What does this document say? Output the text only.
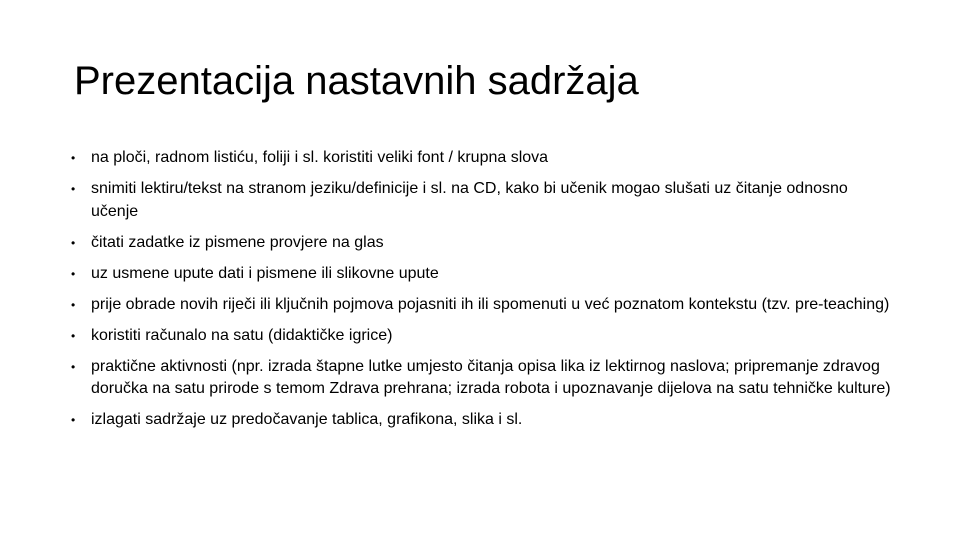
Prezentacija nastavnih sadržaja
• na ploči, radnom listiću, foliji i sl. koristiti veliki font / krupna slova
• snimiti lektiru/tekst na stranom jeziku/definicije i sl. na CD, kako bi učenik mogao slušati uz čitanje odnosno učenje
• čitati zadatke iz pismene provjere na glas
• uz usmene upute dati i pismene ili slikovne upute
• prije obrade novih riječi ili ključnih pojmova pojasniti ih ili spomenuti u već poznatom kontekstu (tzv. pre-teaching)
• koristiti računalo na satu (didaktičke igrice)
• praktične aktivnosti (npr. izrada štapne lutke umjesto čitanja opisa lika iz lektirnog naslova; pripremanje zdravog doručka na satu prirode s temom Zdrava prehrana; izrada robota i upoznavanje dijelova na satu tehničke kulture)
• izlagati sadržaje uz predočavanje tablica, grafikona, slika i sl.
